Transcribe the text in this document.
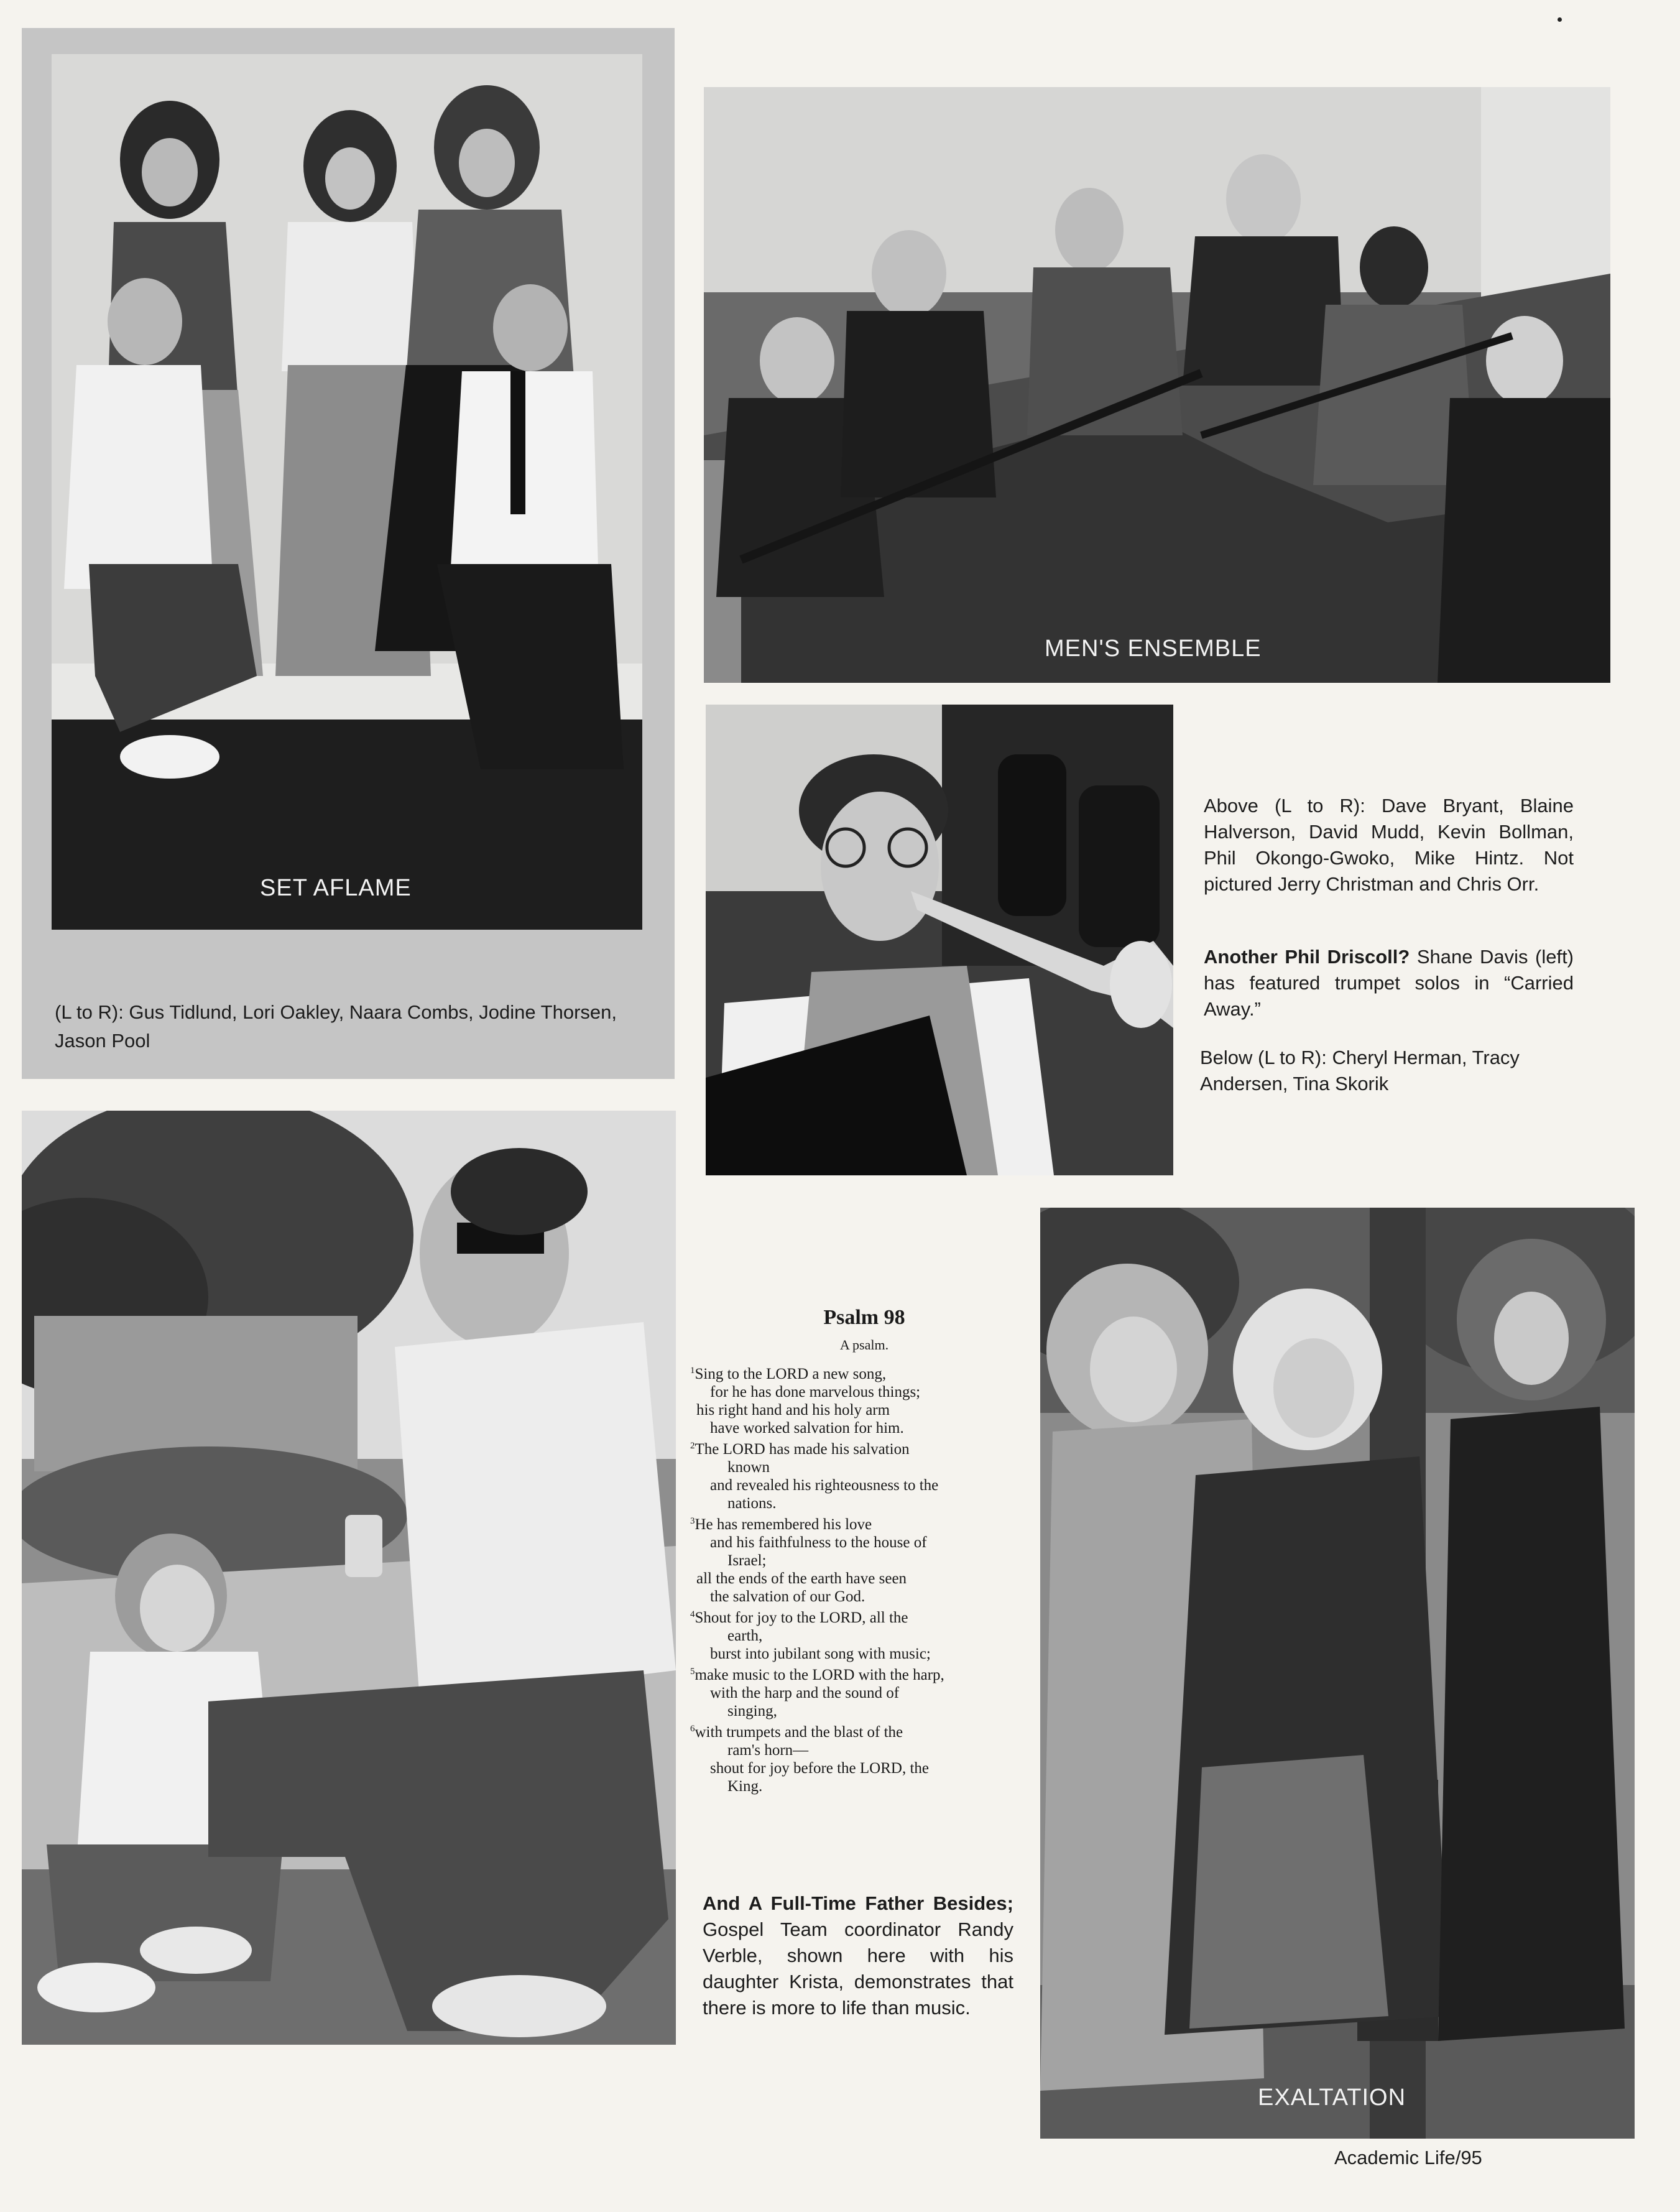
SET AFLAME
(L to R): Gus Tidlund, Lori Oakley, Naara Combs, Jodine Thorsen, Jason Pool
MEN'S ENSEMBLE
Above (L to R): Dave Bryant, Blaine Halverson, David Mudd, Kevin Bollman, Phil Okongo-Gwoko, Mike Hintz. Not pictured Jerry Christman and Chris Orr.
Another Phil Driscoll? Shane Davis (left) has featured trumpet solos in “Carried Away.”
Below (L to R): Cheryl Herman, Tracy Andersen, Tina Skorik
Psalm 98
A psalm.
$^1$Sing to the LORD a new song,
for he has done marvelous things;
his right hand and his holy arm
have worked salvation for him.
$^2$The LORD has made his salvation
known
and revealed his righteousness to the
nations.
$^3$He has remembered his love
and his faithfulness to the house of
Israel;
all the ends of the earth have seen
the salvation of our God.
$^4$Shout for joy to the LORD, all the
earth,
burst into jubilant song with music;
$^5$make music to the LORD with the harp,
with the harp and the sound of
singing,
$^6$with trumpets and the blast of the
ram's horn—
shout for joy before the LORD, the
King.
And A Full-Time Father Besides; Gospel Team coordinator Randy Verble, shown here with his daughter Krista, demonstrates that there is more to life than music.
EXALTATION
Academic Life/95
